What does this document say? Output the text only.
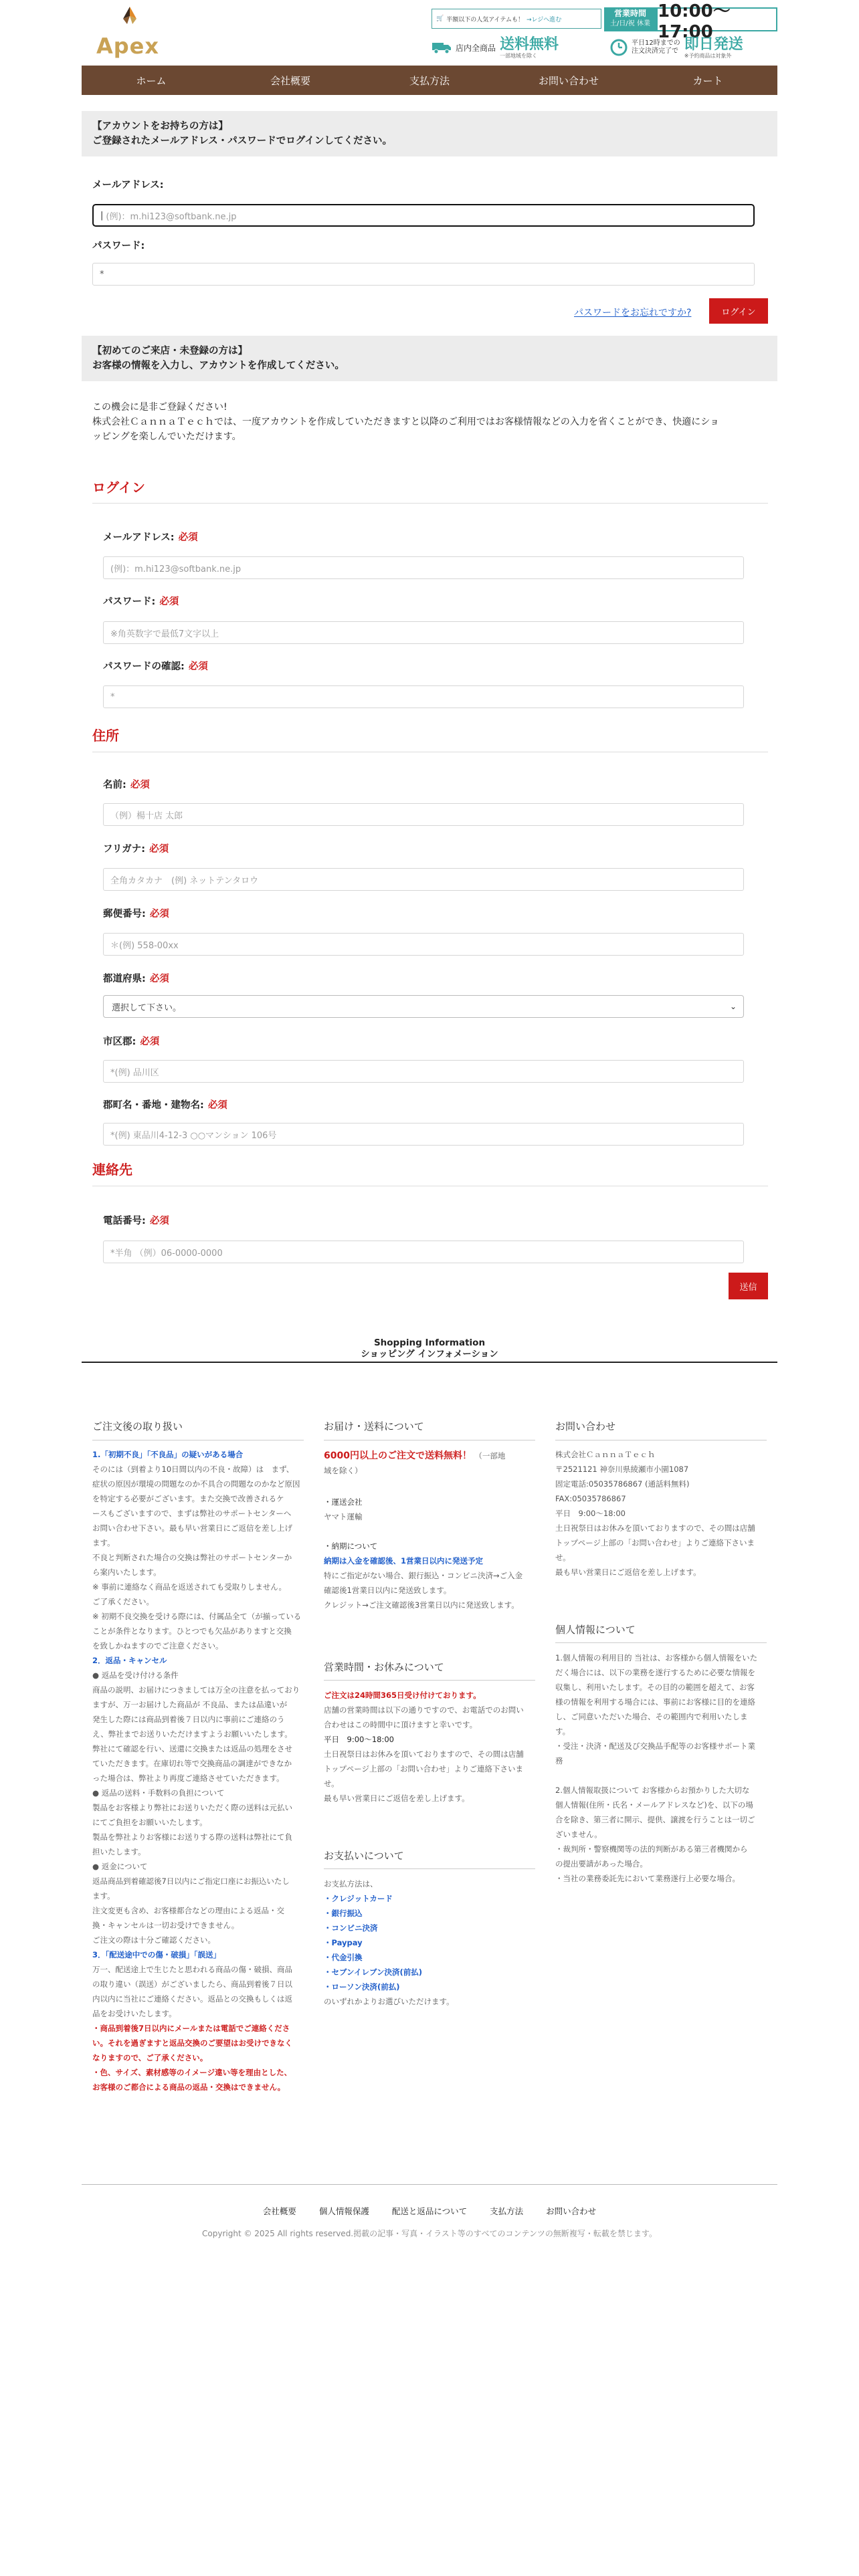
Apex
🛒 半額以下の人気アイテムも！ →レジへ進む
営業時間
土/日/祝 休業
10:00〜17:00
店内全商品 送料無料
一部地域を除く
平日12時までの
注文決済完了で 即日発送
※予約商品は対象外
ホーム	会社概要	支払方法	お問い合わせ	カート
【アカウントをお持ちの方は】
ご登録されたメールアドレス・パスワードでログインしてください。
メールアドレス:
| (例)：m.hi123@softbank.ne.jp
パスワード:
*
パスワードをお忘れですか?	ログイン
【初めてのご来店・未登録の方は】
お客様の情報を入力し、アカウントを作成してください。
この機会に是非ご登録ください!
株式会社ＣａｎｎａＴｅｃｈでは、一度アカウントを作成していただきますと以降のご利用ではお客様情報などの入力を省くことができ、快適にショ
ッピングを楽しんでいただけます。
ログイン
メールアドレス: 必須
(例)：m.hi123@softbank.ne.jp
パスワード: 必須
※角英数字で最低7文字以上
パスワードの確認: 必須
*
住所
名前: 必須
（例）楊十店 太郎
フリガナ: 必須
全角カタカナ　(例) ネットテンタロウ
郵便番号: 必須
＊(例) 558-00xx
都道府県: 必須
選択して下さい。	⌄
市区郡: 必須
*(例) 品川区
郡町名・番地・建物名: 必須
*(例) 東品川4-12-3 ○○マンション 106号
連絡先
電話番号: 必須
*半角 （例）06-0000-0000
送信
Shopping Information
ショッピング インフォメーション
ご注文後の取り扱い
1.「初期不良」「不良品」の疑いがある場合
そのには（到着より10日間以内の不良・故障）は　まず、
症状の原因が環境の問題なのか不具合の問題なのかなど原因
を特定する必要がございます。また交換で改善されるケ
ースもございますので、まずは弊社のサポートセンターへ
お問い合わせ下さい。最も早い営業日にご返信を差し上げ
ます。
不良と判断された場合の交換は弊社のサポートセンターか
ら案内いたします。
※ 事前に連絡なく商品を返送されても受取りしません。
ご了承ください。
※ 初期不良交換を受ける際には、付属品全て（が揃っている
ことが条件となります。ひとつでも欠品がありますと交換
を致しかねますのでご注意ください。
2．返品・キャンセル
● 返品を受け付ける条件
商品の説明、お届けにつきましては万全の注意を払っており
ますが、万一お届けした商品が 不良品、または品違いが
発生した際には商品到着後７日以内に事前にご連絡のう
え、弊社までお送りいただけますようお願いいたします。
弊社にて確認を行い、送還に交換または返品の処理をさせ
ていただきます。在庫切れ等で交換商品の調達ができなか
った場合は、弊社より再度ご連絡させていただきます。
● 返品の送料・手数料の負担について
製品をお客様より弊社にお送りいただく際の送料は元払い
にてご負担をお願いいたします。
製品を弊社よりお客様にお送りする際の送料は弊社にて負
担いたします。
● 返金について
返品商品到着確認後7日以内にご指定口座にお振込いたし
ます。
注文変更も含め、お客様都合などの理由による返品・交
換・キャンセルは一切お受けできません。
ご注文の際は十分ご確認ください。
3．「配送途中での傷・破損」「誤送」
万一、配送途上で生じたと思われる商品の傷・破損、商品
の取り違い（誤送）がございましたら、商品到着後７日以
内以内に当社にご連絡ください。返品との交換もしくは返
品をお受けいたします。
・商品到着後7日以内にメールまたは電話でご連絡くださ
い。それを過ぎますと返品交換のご要望はお受けできなく
なりますので、ご了承ください。
・色、サイズ、素材感等のイメージ違い等を理由とした、
お客様のご都合による商品の返品・交換はできません。
お届け・送料について
6000円以上のご注文で送料無料！ （一部地
域を除く）
・運送会社
ヤマト運輸

・納期について
納期は入金を確認後、1営業日以内に発送予定
特にご指定がない場合、銀行振込・コンビニ決済→ご入金
確認後1営業日以内に発送致します。
クレジット→ご注文確認後3営業日以内に発送致します。
営業時間・お休みについて
ご注文は24時間365日受け付けております。
店舗の営業時間は以下の通りですので、お電話でのお問い
合わせはこの時間中に頂けますと幸いです。
平日　9:00～18:00
土日祝祭日はお休みを頂いておりますので、その間は店舗
トップページ上部の「お問い合わせ」よりご連絡下さいま
せ。
最も早い営業日にご返信を差し上げます。
お支払いについて
お支払方法は、
・クレジットカード
・銀行振込
・コンビニ決済
・Paypay
・代金引換
・セブンイレブン決済(前払)
・ローソン決済(前払)
のいずれかよりお選びいただけます。
お問い合わせ
株式会社ＣａｎｎａＴｅｃｈ
〒2521121 神奈川県綾瀬市小園1087
固定電話:05035786867 (通話料無料)
FAX:05035786867
平日　9:00～18:00
土日祝祭日はお休みを頂いておりますので、その間は店舗
トップページ上部の「お問い合わせ」よりご連絡下さいま
せ。
最も早い営業日にご返信を差し上げます。
個人情報について
1.個人情報の利用目的 当社は、お客様から個人情報をいた
だく場合には、以下の業務を遂行するために必要な情報を
収集し、利用いたします。その目的の範囲を超えて、お客
様の情報を利用する場合には、事前にお客様に目的を連絡
し、ご同意いただいた場合、その範囲内で利用いたしま
す。
・受注・決済・配送及び交換品手配等のお客様サポート業
務

2.個人情報取扱について お客様からお預かりした大切な
個人情報(住所・氏名・メールアドレスなど)を、以下の場
合を除き、第三者に開示、提供、譲渡を行うことは一切ご
ざいません。
・裁判所・警察機関等の法的判断がある第三者機関から
の提出要請があった場合。
・当社の業務委託先において業務遂行上必要な場合。
会社概要	個人情報保護	配送と返品について	支払方法	お問い合わせ
Copyright © 2025 All rights reserved.掲載の記事・写真・イラスト等のすべてのコンテンツの無断複写・転載を禁じます。
